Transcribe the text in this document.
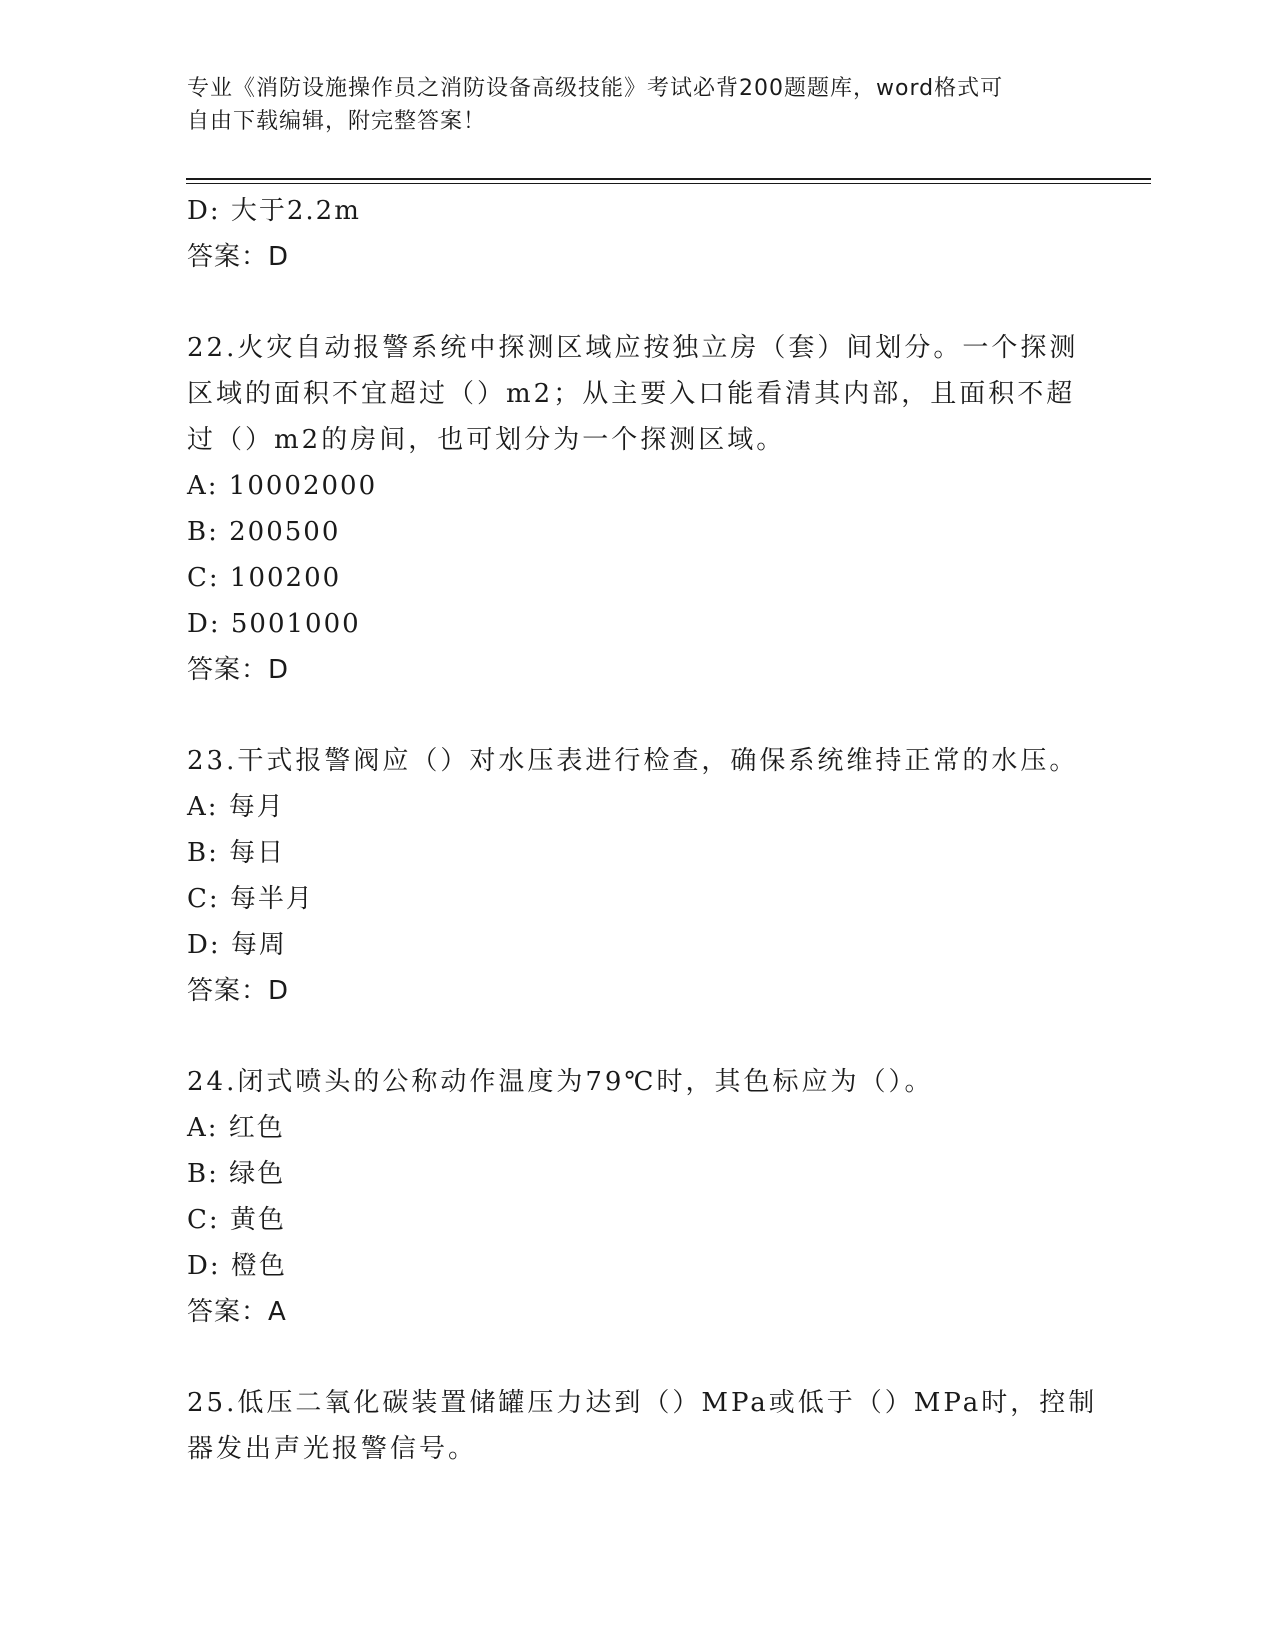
专业《消防设施操作员之消防设备高级技能》考试必背200题题库，word格式可
自由下载编辑，附完整答案！
D: 大于2.2m
答案：D
22.火灾自动报警系统中探测区域应按独立房（套）间划分。一个探测
区域的面积不宜超过（）m2；从主要入口能看清其内部，且面积不超
过（）m2的房间，也可划分为一个探测区域。
A: 10002000
B: 200500
C: 100200
D: 5001000
答案：D
23.干式报警阀应（）对水压表进行检查，确保系统维持正常的水压。
A: 每月
B: 每日
C: 每半月
D: 每周
答案：D
24.闭式喷头的公称动作温度为79℃时，其色标应为（）。
A: 红色
B: 绿色
C: 黄色
D: 橙色
答案：A
25.低压二氧化碳装置储罐压力达到（）MPa或低于（）MPa时，控制
器发出声光报警信号。
